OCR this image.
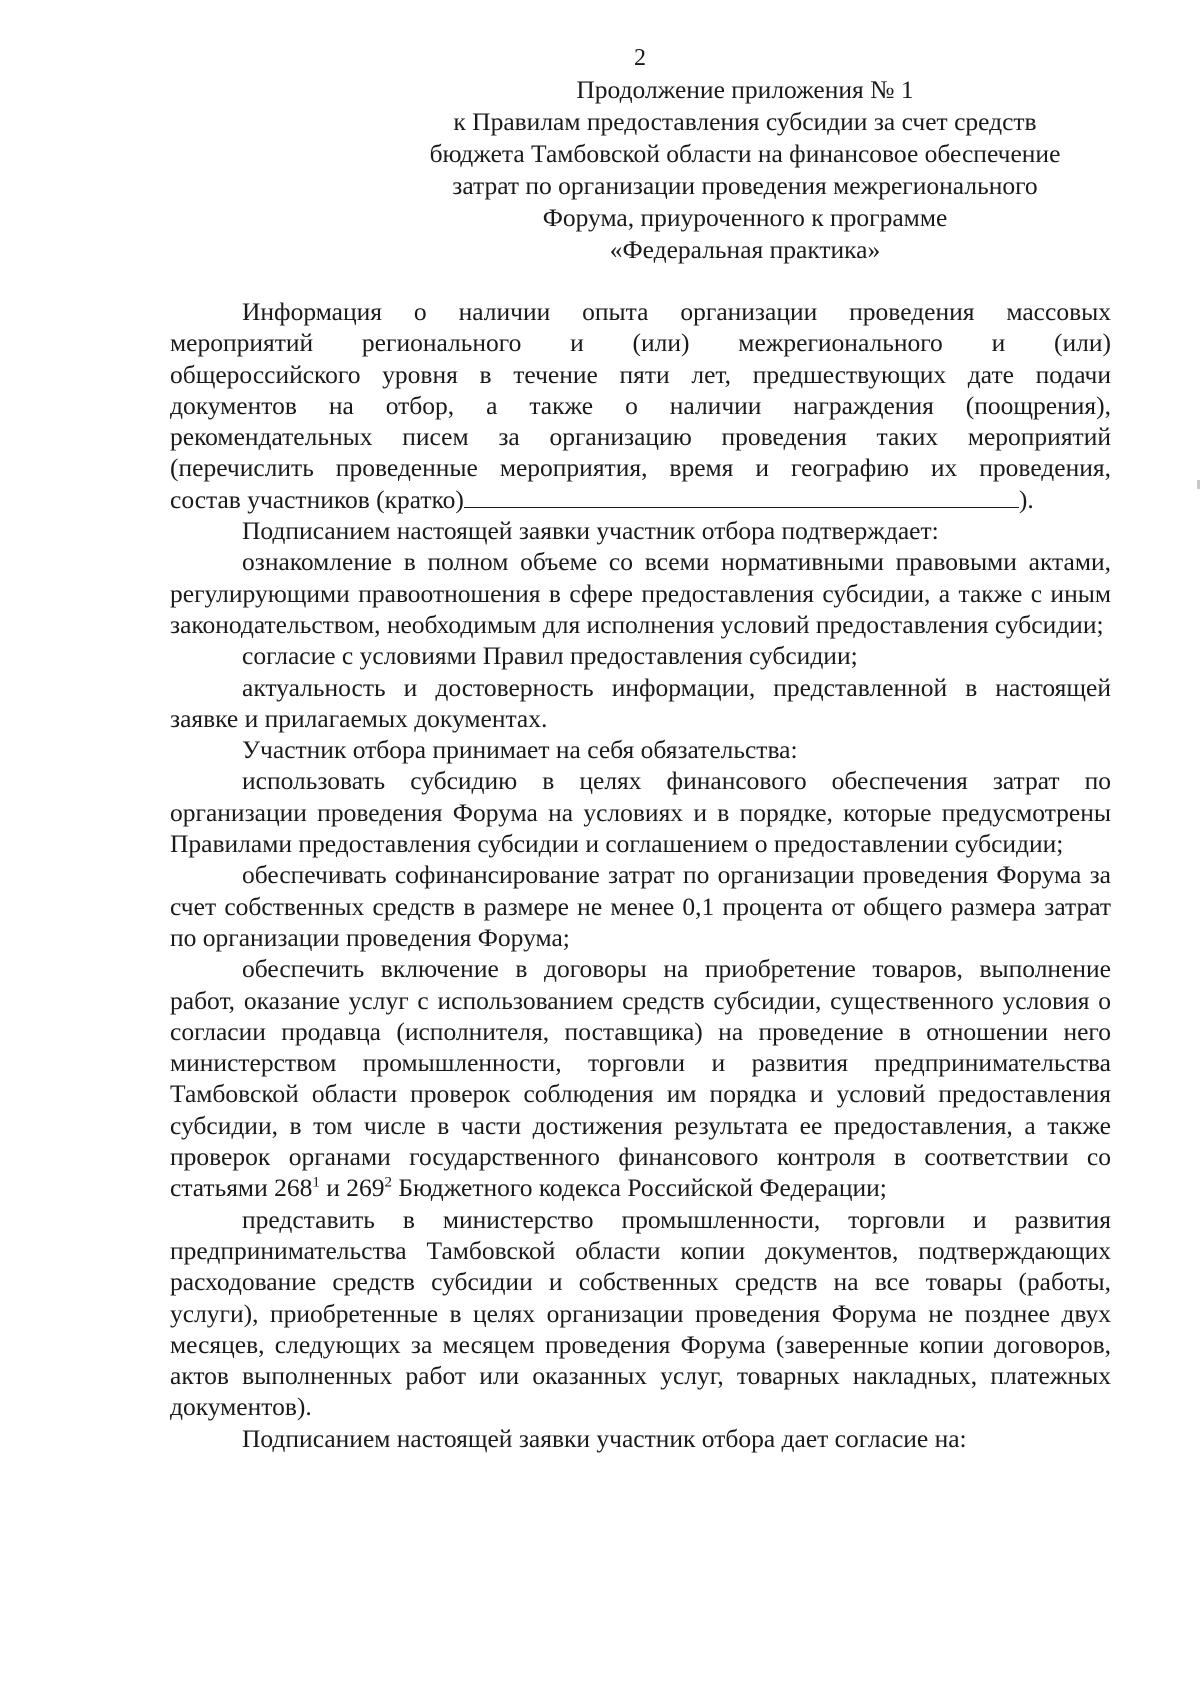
2
Продолжение приложения № 1
к Правилам предоставления субсидии за счет средств
бюджета Тамбовской области на финансовое обеспечение
затрат по организации проведения межрегионального
Форума, приуроченного к программе
«Федеральная практика»
Информация о наличии опыта организации проведения массовых
мероприятий регионального и (или) межрегионального и (или)
общероссийского уровня в течение пяти лет, предшествующих дате подачи
документов на отбор, а также о наличии награждения (поощрения),
рекомендательных писем за организацию проведения таких мероприятий
(перечислить проведенные мероприятия, время и географию их проведения,
состав участников (кратко)	).

Подписанием настоящей заявки участник отбора подтверждает:

ознакомление в полном объеме со всеми нормативными правовыми актами, регулирующими правоотношения в сфере предоставления субсидии, а также с иным законодательством, необходимым для исполнения условий предоставления субсидии;

согласие с условиями Правил предоставления субсидии;

актуальность и достоверность информации, представленной в настоящей заявке и прилагаемых документах.

Участник отбора принимает на себя обязательства:

использовать субсидию в целях финансового обеспечения затрат по организации проведения Форума на условиях и в порядке, которые предусмотрены Правилами предоставления субсидии и соглашением о предоставлении субсидии;

обеспечивать софинансирование затрат по организации проведения Форума за счет собственных средств в размере не менее 0,1 процента от общего размера затрат по организации проведения Форума;

обеспечить включение в договоры на приобретение товаров, выполнение работ, оказание услуг с использованием средств субсидии, существенного условия о согласии продавца (исполнителя, поставщика) на проведение в отношении него министерством промышленности, торговли и развития предпринимательства Тамбовской области проверок соблюдения им порядка и условий предоставления субсидии, в том числе в части достижения результата ее предоставления, а также проверок органами государственного финансового контроля в соответствии со статьями $268^1$ и $269^2$ Бюджетного кодекса Российской Федерации;

представить в министерство промышленности, торговли и развития предпринимательства Тамбовской области копии документов, подтверждающих расходование средств субсидии и собственных средств на все товары (работы, услуги), приобретенные в целях организации проведения Форума не позднее двух месяцев, следующих за месяцем проведения Форума (заверенные копии договоров, актов выполненных работ или оказанных услуг, товарных накладных, платежных документов).

Подписанием настоящей заявки участник отбора дает согласие на:
